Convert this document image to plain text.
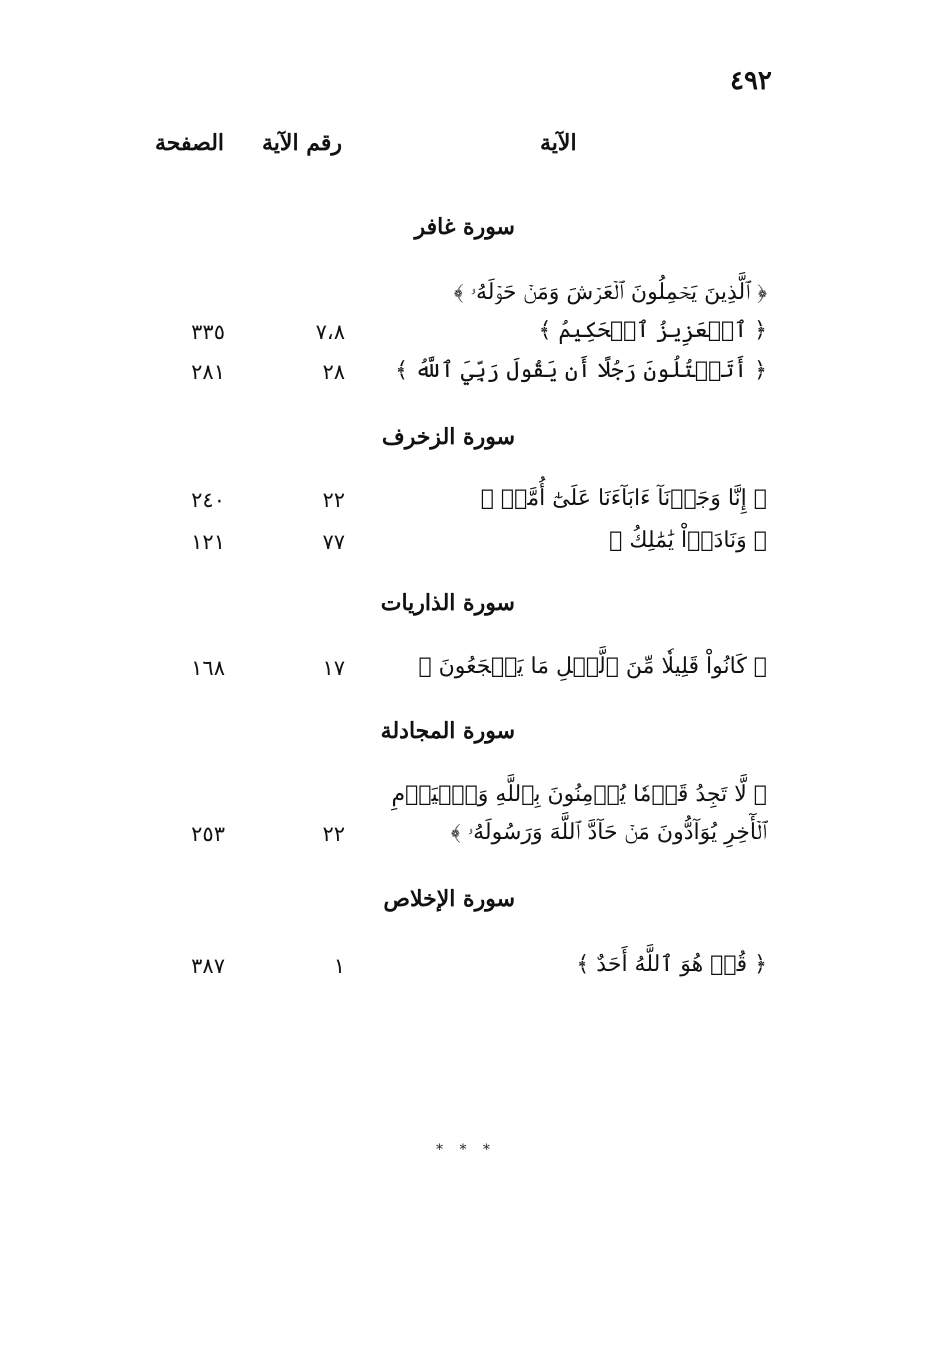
٤٩٢
الآية
رقم الآية
الصفحة
سورة غافر
﴿ ٱلَّذِينَ يَحۡمِلُونَ ٱلۡعَرۡشَ وَمَنۡ حَوۡلَهُۥ ﴾
﴿ ٱلۡعَزِيزُ ٱلۡحَكِيمُ ﴾
٧،٨
٣٣٥
﴿ أَتَقۡتُلُونَ رَجُلًا أَن يَقُولَ رَبِّيَ ٱللَّهُ ﴾
٢٨
٢٨١
سورة الزخرف
﴿ إِنَّا وَجَدۡنَآ ءَابَآءَنَا عَلَىٰٓ أُمَّةٖ ﴾
٢٢
٢٤٠
﴿ وَنَادَوۡاْ يَٰمَٰلِكُ ﴾
٧٧
١٢١
سورة الذاريات
﴿ كَانُواْ قَلِيلٗا مِّنَ ٱلَّيۡلِ مَا يَهۡجَعُونَ ﴾
١٧
١٦٨
سورة المجادلة
﴿ لَّا تَجِدُ قَوۡمٗا يُؤۡمِنُونَ بِٱللَّهِ وَٱلۡيَوۡمِ
ٱلۡأٓخِرِ يُوَآدُّونَ مَنۡ حَآدَّ ٱللَّهَ وَرَسُولَهُۥ ﴾
٢٢
٢٥٣
سورة الإخلاص
﴿ قُلۡ هُوَ ٱللَّهُ أَحَدٌ ﴾
١
٣٨٧
* * *
